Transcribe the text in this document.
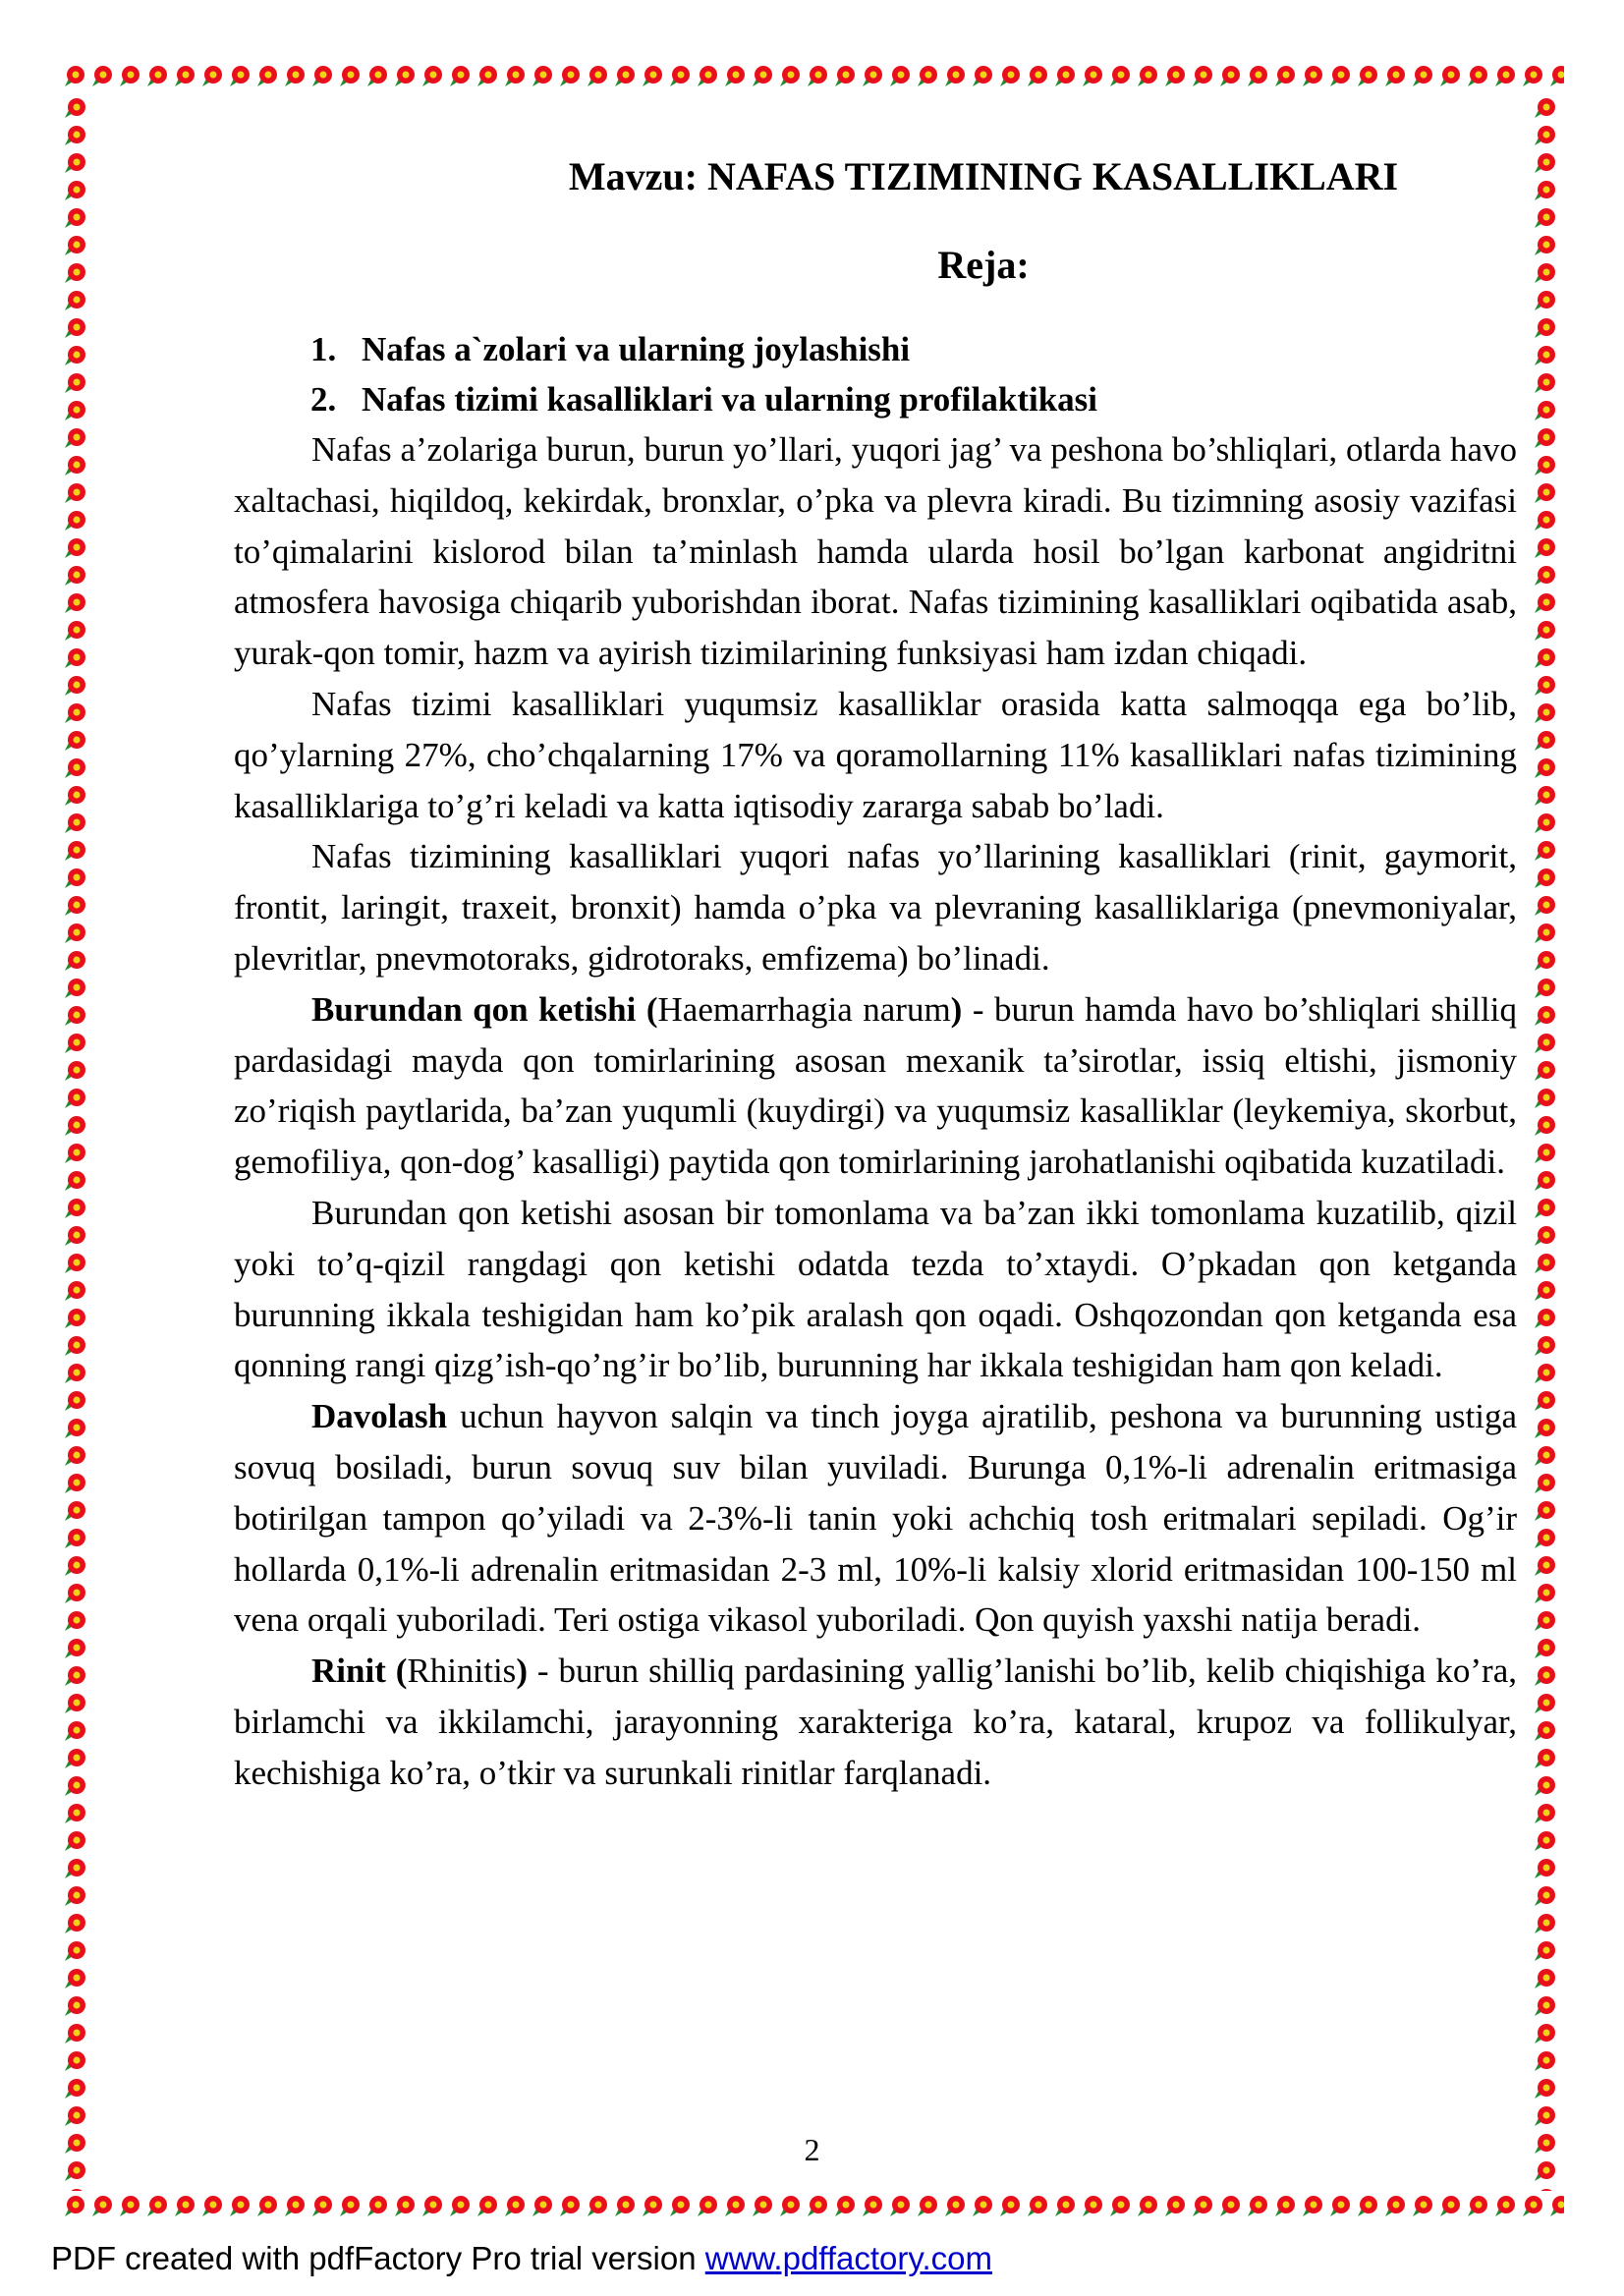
Mavzu: NAFAS TIZIMINING KASALLIKLARI
Reja:
1. Nafas a`zolari va ularning joylashishi
2. Nafas tizimi kasalliklari va ularning profilaktikasi

Nafas a’zolariga burun, burun yo’llari, yuqori jag’ va peshona bo’shliqlari, otlarda havo xaltachasi, hiqildoq, kekirdak, bronxlar, o’pka va plevra kiradi. Bu tizimning asosiy vazifasi to’qimalarini kislorod bilan ta’minlash hamda ularda hosil bo’lgan karbonat angidritni atmosfera havosiga chiqarib yuborishdan iborat. Nafas tizimining kasalliklari oqibatida asab, yurak-qon tomir, hazm va ayirish tizimilarining funksiyasi ham izdan chiqadi.

Nafas tizimi kasalliklari yuqumsiz kasalliklar orasida katta salmoqqa ega bo’lib, qo’ylarning 27%, cho’chqalarning 17% va qoramollarning 11% kasalliklari nafas tizimining kasalliklariga to’g’ri keladi va katta iqtisodiy zararga sabab bo’ladi.

Nafas tizimining kasalliklari yuqori nafas yo’llarining kasalliklari (rinit, gaymorit, frontit, laringit, traxeit, bronxit) hamda o’pka va plevraning kasalliklariga (pnevmoniyalar, plevritlar, pnevmotoraks, gidrotoraks, emfizema) bo’linadi.

Burundan qon ketishi (Haemarrhagia narum) - burun hamda havo bo’shliqlari shilliq pardasidagi mayda qon tomirlarining asosan mexanik ta’sirotlar, issiq eltishi, jismoniy zo’riqish paytlarida, ba’zan yuqumli (kuydirgi) va yuqumsiz kasalliklar (leykemiya, skorbut, gemofiliya, qon-dog’ kasalligi) paytida qon tomirlarining jarohatlanishi oqibatida kuzatiladi.

Burundan qon ketishi asosan bir tomonlama va ba’zan ikki tomonlama kuzatilib, qizil yoki to’q-qizil rangdagi qon ketishi odatda tezda to’xtaydi. O’pkadan qon ketganda burunning ikkala teshigidan ham ko’pik aralash qon oqadi. Oshqozondan qon ketganda esa qonning rangi qizg’ish-qo’ng’ir bo’lib, burunning har ikkala teshigidan ham qon keladi.

Davolash uchun hayvon salqin va tinch joyga ajratilib, peshona va burunning ustiga sovuq bosiladi, burun sovuq suv bilan yuviladi. Burunga 0,1%-li adrenalin eritmasiga botirilgan tampon qo’yiladi va 2-3%-li tanin yoki achchiq tosh eritmalari sepiladi. Og’ir hollarda 0,1%-li adrenalin eritmasidan 2-3 ml, 10%-li kalsiy xlorid eritmasidan 100-150 ml vena orqali yuboriladi. Teri ostiga vikasol yuboriladi. Qon quyish yaxshi natija beradi.

Rinit (Rhinitis) - burun shilliq pardasining yallig’lanishi bo’lib, kelib chiqishiga ko’ra, birlamchi va ikkilamchi, jarayonning xarakteriga ko’ra, kataral, krupoz va follikulyar, kechishiga ko’ra, o’tkir va surunkali rinitlar farqlanadi.

2
PDF created with pdfFactory Pro trial version www.pdffactory.com
